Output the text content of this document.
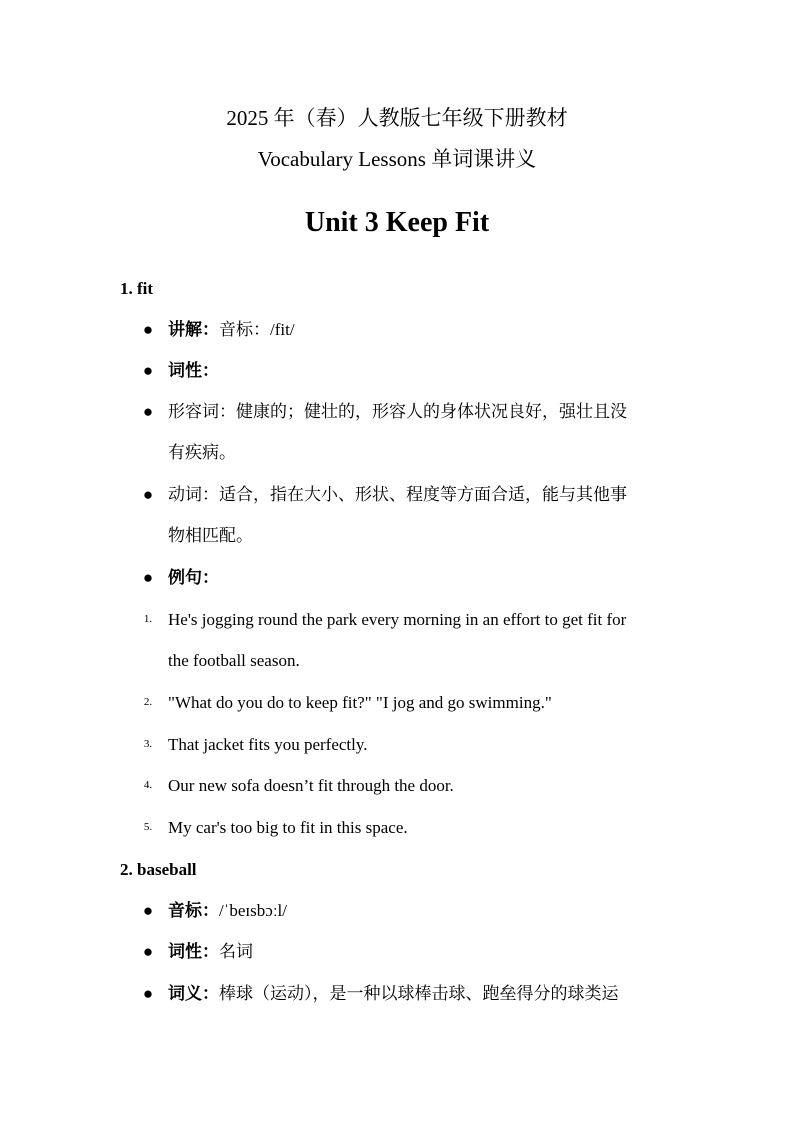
2025 年（春）人教版七年级下册教材
Vocabulary Lessons 单词课讲义
Unit 3 Keep Fit
1. fit
● 讲解：音标：/fit/
● 词性：
● 形容词：健康的；健壮的，形容人的身体状况良好，强壮且没
有疾病。
● 动词：适合，指在大小、形状、程度等方面合适，能与其他事
物相匹配。
● 例句：
1. He's jogging round the park every morning in an effort to get fit for
the football season.
2. "What do you do to keep fit?" "I jog and go swimming."
3. That jacket fits you perfectly.
4. Our new sofa doesn’t fit through the door.
5. My car's too big to fit in this space.
2. baseball
● 音标：/ˈbeɪsbɔːl/
● 词性：名词
● 词义：棒球（运动），是一种以球棒击球、跑垒得分的球类运
